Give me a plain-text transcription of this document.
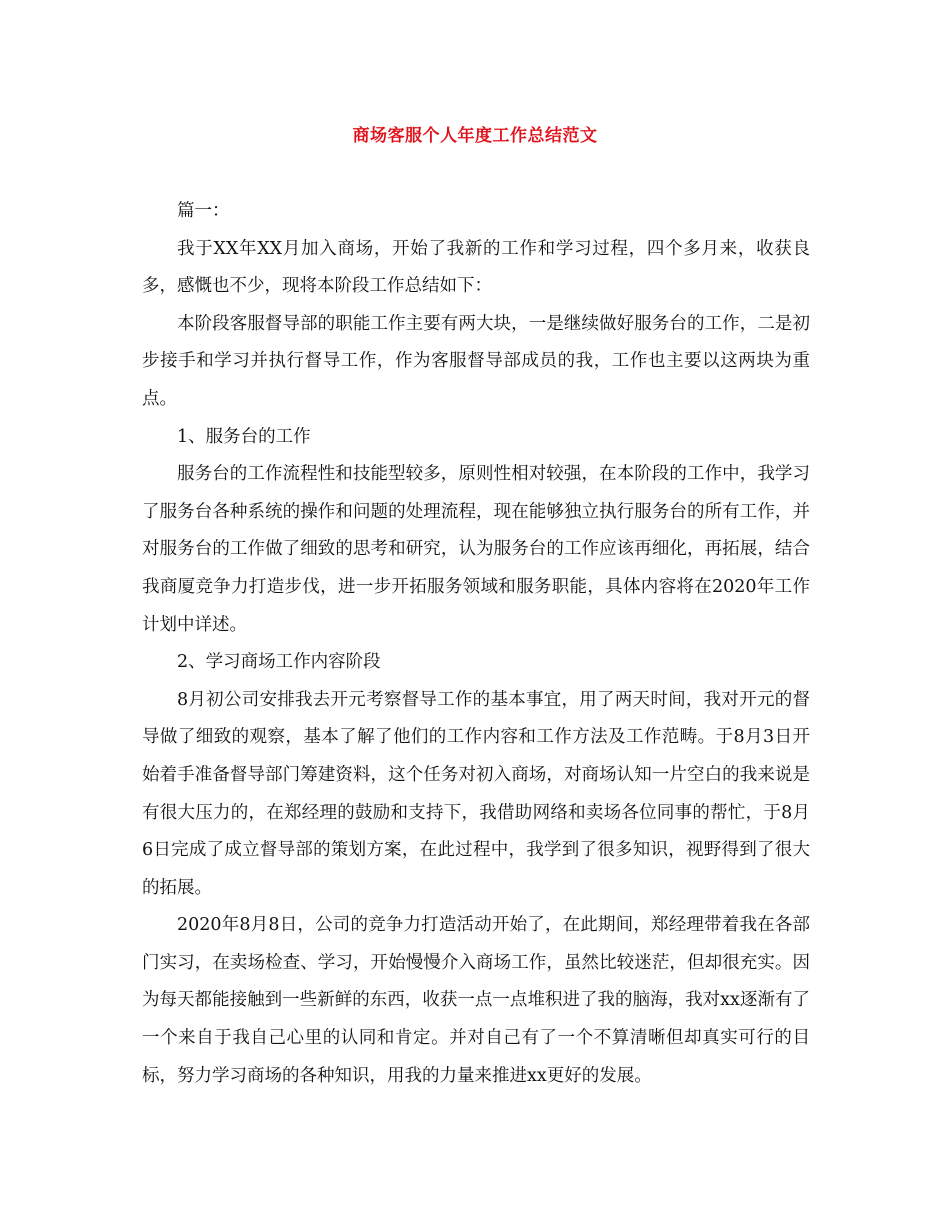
商场客服个人年度工作总结范文

篇一：

我于XX年XX月加入商场，开始了我新的工作和学习过程，四个多月来，收获良多，感慨也不少，现将本阶段工作总结如下：

本阶段客服督导部的职能工作主要有两大块，一是继续做好服务台的工作，二是初步接手和学习并执行督导工作，作为客服督导部成员的我，工作也主要以这两块为重点。

1、服务台的工作

服务台的工作流程性和技能型较多，原则性相对较强，在本阶段的工作中，我学习了服务台各种系统的操作和问题的处理流程，现在能够独立执行服务台的所有工作，并对服务台的工作做了细致的思考和研究，认为服务台的工作应该再细化，再拓展，结合我商厦竞争力打造步伐，进一步开拓服务领域和服务职能，具体内容将在2020年工作计划中详述。

2、学习商场工作内容阶段

8月初公司安排我去开元考察督导工作的基本事宜，用了两天时间，我对开元的督导做了细致的观察，基本了解了他们的工作内容和工作方法及工作范畴。于8月3日开始着手准备督导部门筹建资料，这个任务对初入商场，对商场认知一片空白的我来说是有很大压力的，在郑经理的鼓励和支持下，我借助网络和卖场各位同事的帮忙，于8月6日完成了成立督导部的策划方案，在此过程中，我学到了很多知识，视野得到了很大的拓展。

2020年8月8日，公司的竞争力打造活动开始了，在此期间，郑经理带着我在各部门实习，在卖场检查、学习，开始慢慢介入商场工作，虽然比较迷茫，但却很充实。因为每天都能接触到一些新鲜的东西，收获一点一点堆积进了我的脑海，我对xx逐渐有了一个来自于我自己心里的认同和肯定。并对自己有了一个不算清晰但却真实可行的目标，努力学习商场的各种知识，用我的力量来推进xx更好的发展。
